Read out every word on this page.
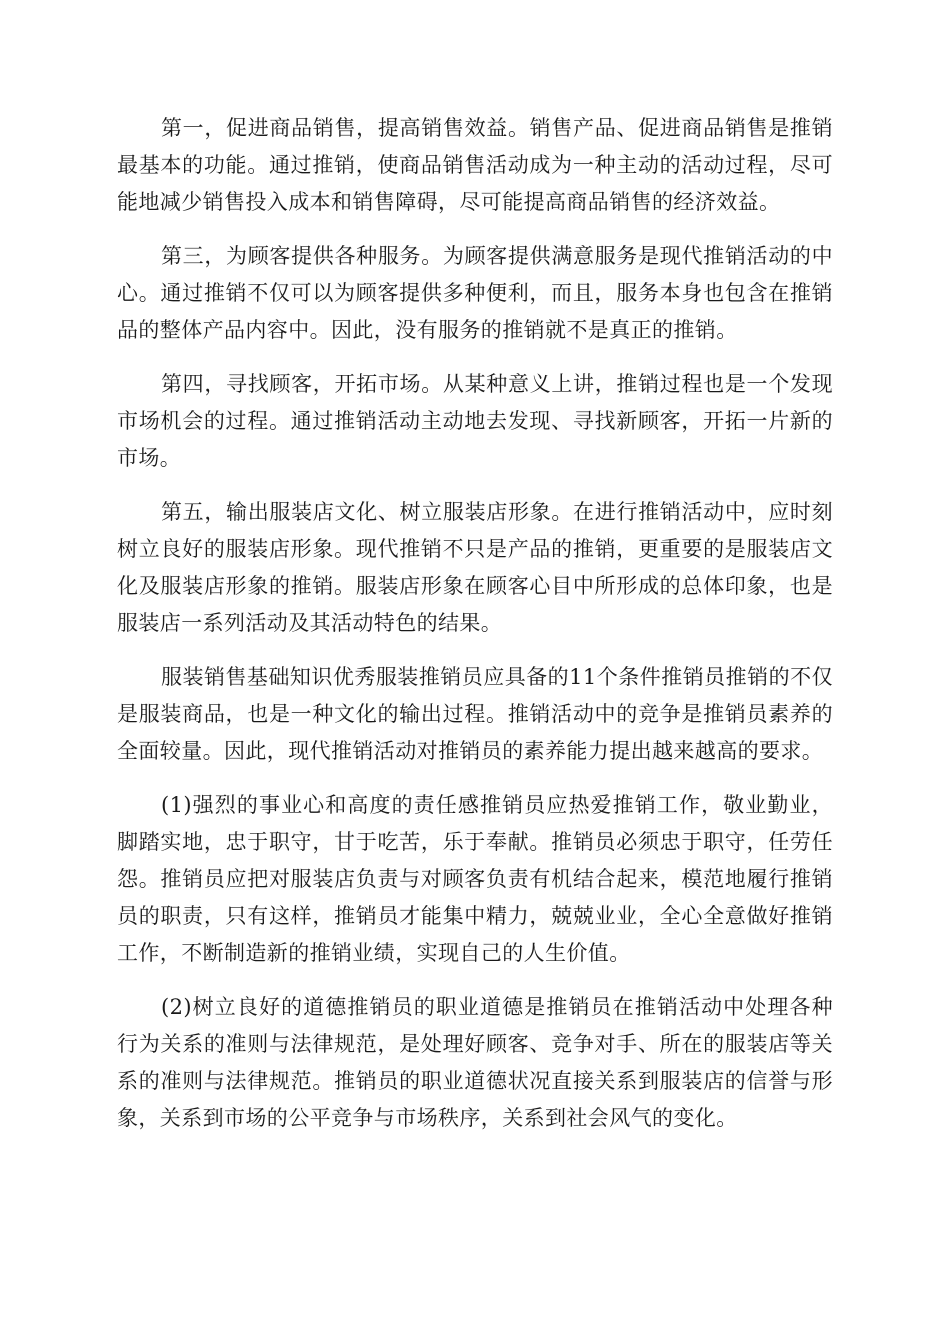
第一，促进商品销售，提高销售效益。销售产品、促进商品销售是推销最基本的功能。通过推销，使商品销售活动成为一种主动的活动过程，尽可能地减少销售投入成本和销售障碍，尽可能提高商品销售的经济效益。

第三，为顾客提供各种服务。为顾客提供满意服务是现代推销活动的中心。通过推销不仅可以为顾客提供多种便利，而且，服务本身也包含在推销品的整体产品内容中。因此，没有服务的推销就不是真正的推销。

第四，寻找顾客，开拓市场。从某种意义上讲，推销过程也是一个发现市场机会的过程。通过推销活动主动地去发现、寻找新顾客，开拓一片新的市场。

第五，输出服装店文化、树立服装店形象。在进行推销活动中，应时刻树立良好的服装店形象。现代推销不只是产品的推销，更重要的是服装店文化及服装店形象的推销。服装店形象在顾客心目中所形成的总体印象，也是服装店一系列活动及其活动特色的结果。

服装销售基础知识优秀服装推销员应具备的11个条件推销员推销的不仅是服装商品，也是一种文化的输出过程。推销活动中的竞争是推销员素养的全面较量。因此，现代推销活动对推销员的素养能力提出越来越高的要求。

(1)强烈的事业心和高度的责任感推销员应热爱推销工作，敬业勤业，脚踏实地，忠于职守，甘于吃苦，乐于奉献。推销员必须忠于职守，任劳任怨。推销员应把对服装店负责与对顾客负责有机结合起来，模范地履行推销员的职责，只有这样，推销员才能集中精力，兢兢业业，全心全意做好推销工作，不断制造新的推销业绩，实现自己的人生价值。

(2)树立良好的道德推销员的职业道德是推销员在推销活动中处理各种行为关系的准则与法律规范，是处理好顾客、竞争对手、所在的服装店等关系的准则与法律规范。推销员的职业道德状况直接关系到服装店的信誉与形象，关系到市场的公平竞争与市场秩序，关系到社会风气的变化。
